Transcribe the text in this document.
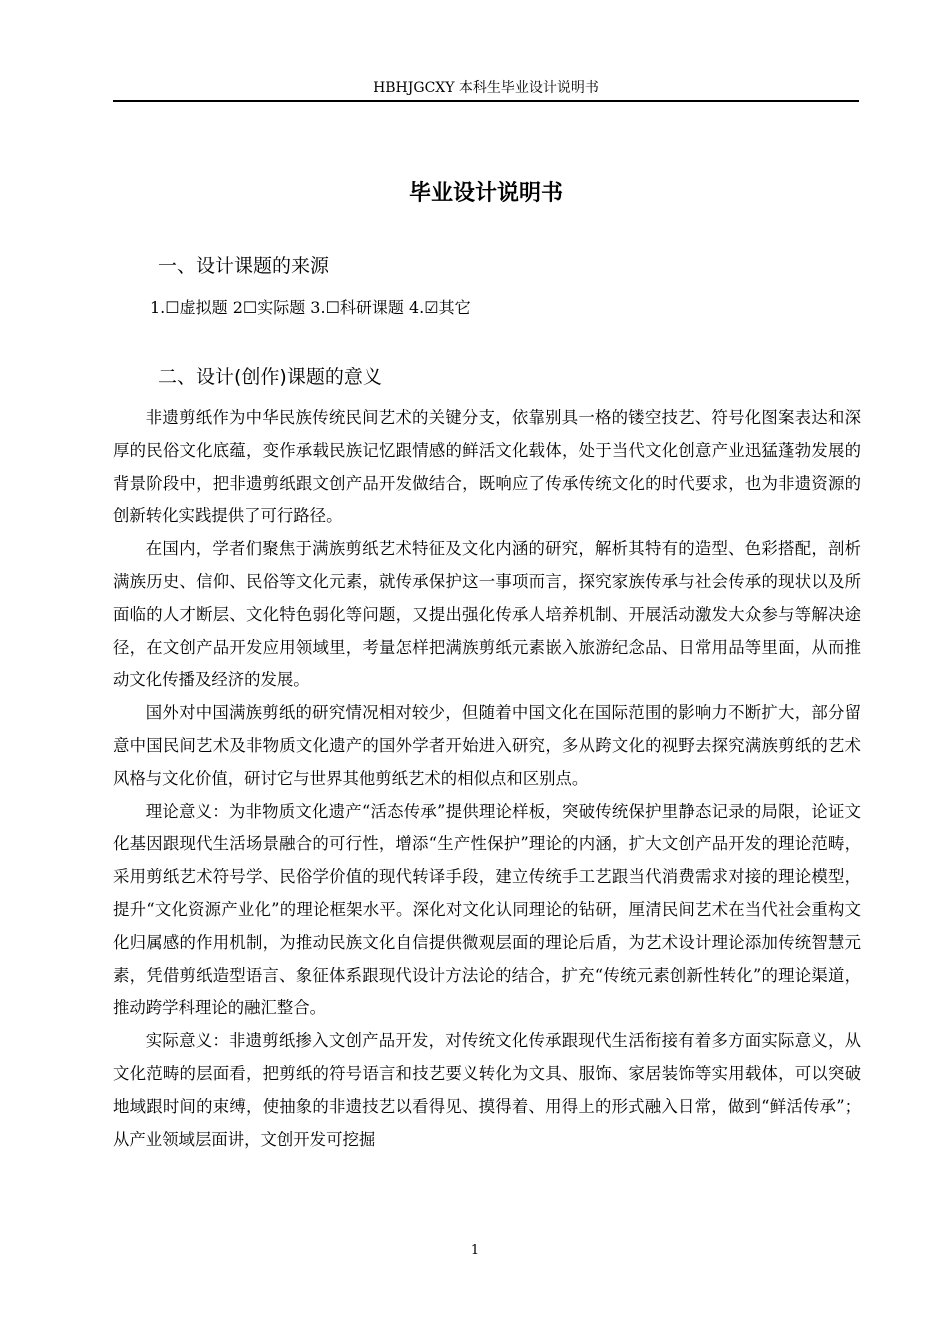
HBHJGCXY 本科生毕业设计说明书
毕业设计说明书
一、设计课题的来源
1.☐虚拟题 2☐实际题 3.☐科研课题 4.☑其它
二、设计(创作)课题的意义

非遗剪纸作为中华民族传统民间艺术的关键分支，依靠别具一格的镂空技艺、符号化图案表达和深厚的民俗文化底蕴，变作承载民族记忆跟情感的鲜活文化载体，处于当代文化创意产业迅猛蓬勃发展的背景阶段中，把非遗剪纸跟文创产品开发做结合，既响应了传承传统文化的时代要求，也为非遗资源的创新转化实践提供了可行路径。

在国内，学者们聚焦于满族剪纸艺术特征及文化内涵的研究，解析其特有的造型、色彩搭配，剖析满族历史、信仰、民俗等文化元素，就传承保护这一事项而言，探究家族传承与社会传承的现状以及所面临的人才断层、文化特色弱化等问题，又提出强化传承人培养机制、开展活动激发大众参与等解决途径，在文创产品开发应用领域里，考量怎样把满族剪纸元素嵌入旅游纪念品、日常用品等里面，从而推动文化传播及经济的发展。

国外对中国满族剪纸的研究情况相对较少，但随着中国文化在国际范围的影响力不断扩大，部分留意中国民间艺术及非物质文化遗产的国外学者开始进入研究，多从跨文化的视野去探究满族剪纸的艺术风格与文化价值，研讨它与世界其他剪纸艺术的相似点和区别点。

理论意义：为非物质文化遗产“活态传承”提供理论样板，突破传统保护里静态记录的局限，论证文化基因跟现代生活场景融合的可行性，增添“生产性保护”理论的内涵，扩大文创产品开发的理论范畴，采用剪纸艺术符号学、民俗学价值的现代转译手段，建立传统手工艺跟当代消费需求对接的理论模型，提升“文化资源产业化”的理论框架水平。深化对文化认同理论的钻研，厘清民间艺术在当代社会重构文化归属感的作用机制，为推动民族文化自信提供微观层面的理论后盾，为艺术设计理论添加传统智慧元素，凭借剪纸造型语言、象征体系跟现代设计方法论的结合，扩充“传统元素创新性转化”的理论渠道，推动跨学科理论的融汇整合。

实际意义：非遗剪纸掺入文创产品开发，对传统文化传承跟现代生活衔接有着多方面实际意义，从文化范畴的层面看，把剪纸的符号语言和技艺要义转化为文具、服饰、家居装饰等实用载体，可以突破地域跟时间的束缚，使抽象的非遗技艺以看得见、摸得着、用得上的形式融入日常，做到“鲜活传承”；从产业领域层面讲，文创开发可挖掘

1
